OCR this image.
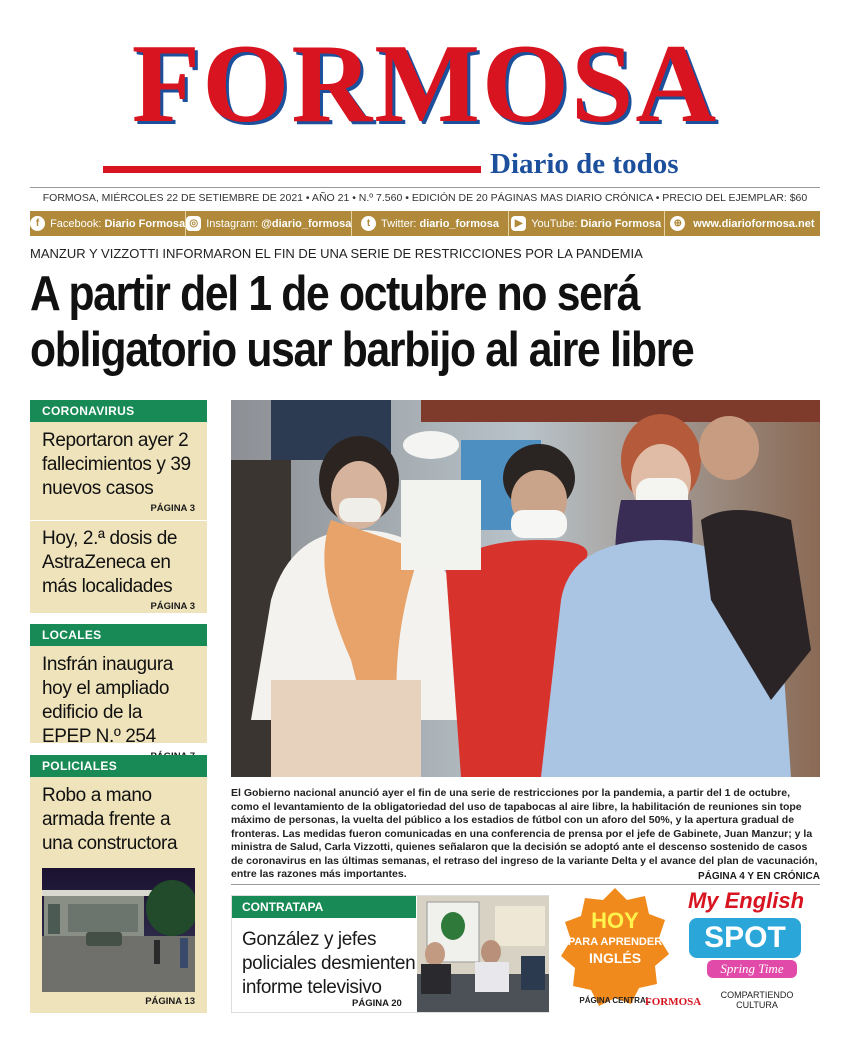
FORMOSA
Diario de todos
FORMOSA, MIÉRCOLES 22 DE SETIEMBRE DE 2021 • AÑO 21 • N.º 7.560 • EDICIÓN DE 20 PÁGINAS MAS DIARIO CRÓNICA • PRECIO DEL EJEMPLAR: $60
f Facebook: Diario Formosa ◎ Instagram: @diario_formosa	t Twitter: diario_formosa	▶ YouTube: Diario Formosa	⊕	www.diarioformosa.net
MANZUR Y VIZZOTTI INFORMARON EL FIN DE UNA SERIE DE RESTRICCIONES POR LA PANDEMIA
A partir del 1 de octubre no será
obligatorio usar barbijo al aire libre
CORONAVIRUS
Reportaron ayer 2 fallecimientos y 39 nuevos casos
PÁGINA 3
Hoy, 2.ª dosis de AstraZeneca en más localidades
PÁGINA 3
LOCALES
Insfrán inaugura hoy el ampliado edificio de la EPEP N.º 254
POLICIALES
Robo a mano armada frente a una constructora
PÁGINA 13
El Gobierno nacional anunció ayer el fin de una serie de restricciones por la pandemia, a partir del 1 de octubre, como el levantamiento de la obligatoriedad del uso de tapabocas al aire libre, la habilitación de reuniones sin tope máximo de personas, la vuelta del público a los estadios de fútbol con un aforo del 50%, y la apertura gradual de fronteras. Las medidas fueron comunicadas en una conferencia de prensa por el jefe de Gabinete, Juan Manzur; y la ministra de Salud, Carla Vizzotti, quienes señalaron que la decisión se adoptó ante el descenso sostenido de casos de coronavirus en las últimas semanas, el retraso del ingreso de la variante Delta y el avance del plan de vacunación, entre las razones más importantes.	PÁGINA 4 Y EN CRÓNICA
CONTRATAPA
González y jefes policiales desmienten informe televisivo
PÁGINA 20
HOY
PARA APRENDER
INGLÉS
PÁGINA CENTRAL
My English
SPOT
Spring Time
FORMOSA
COMPARTIENDO
CULTURA
